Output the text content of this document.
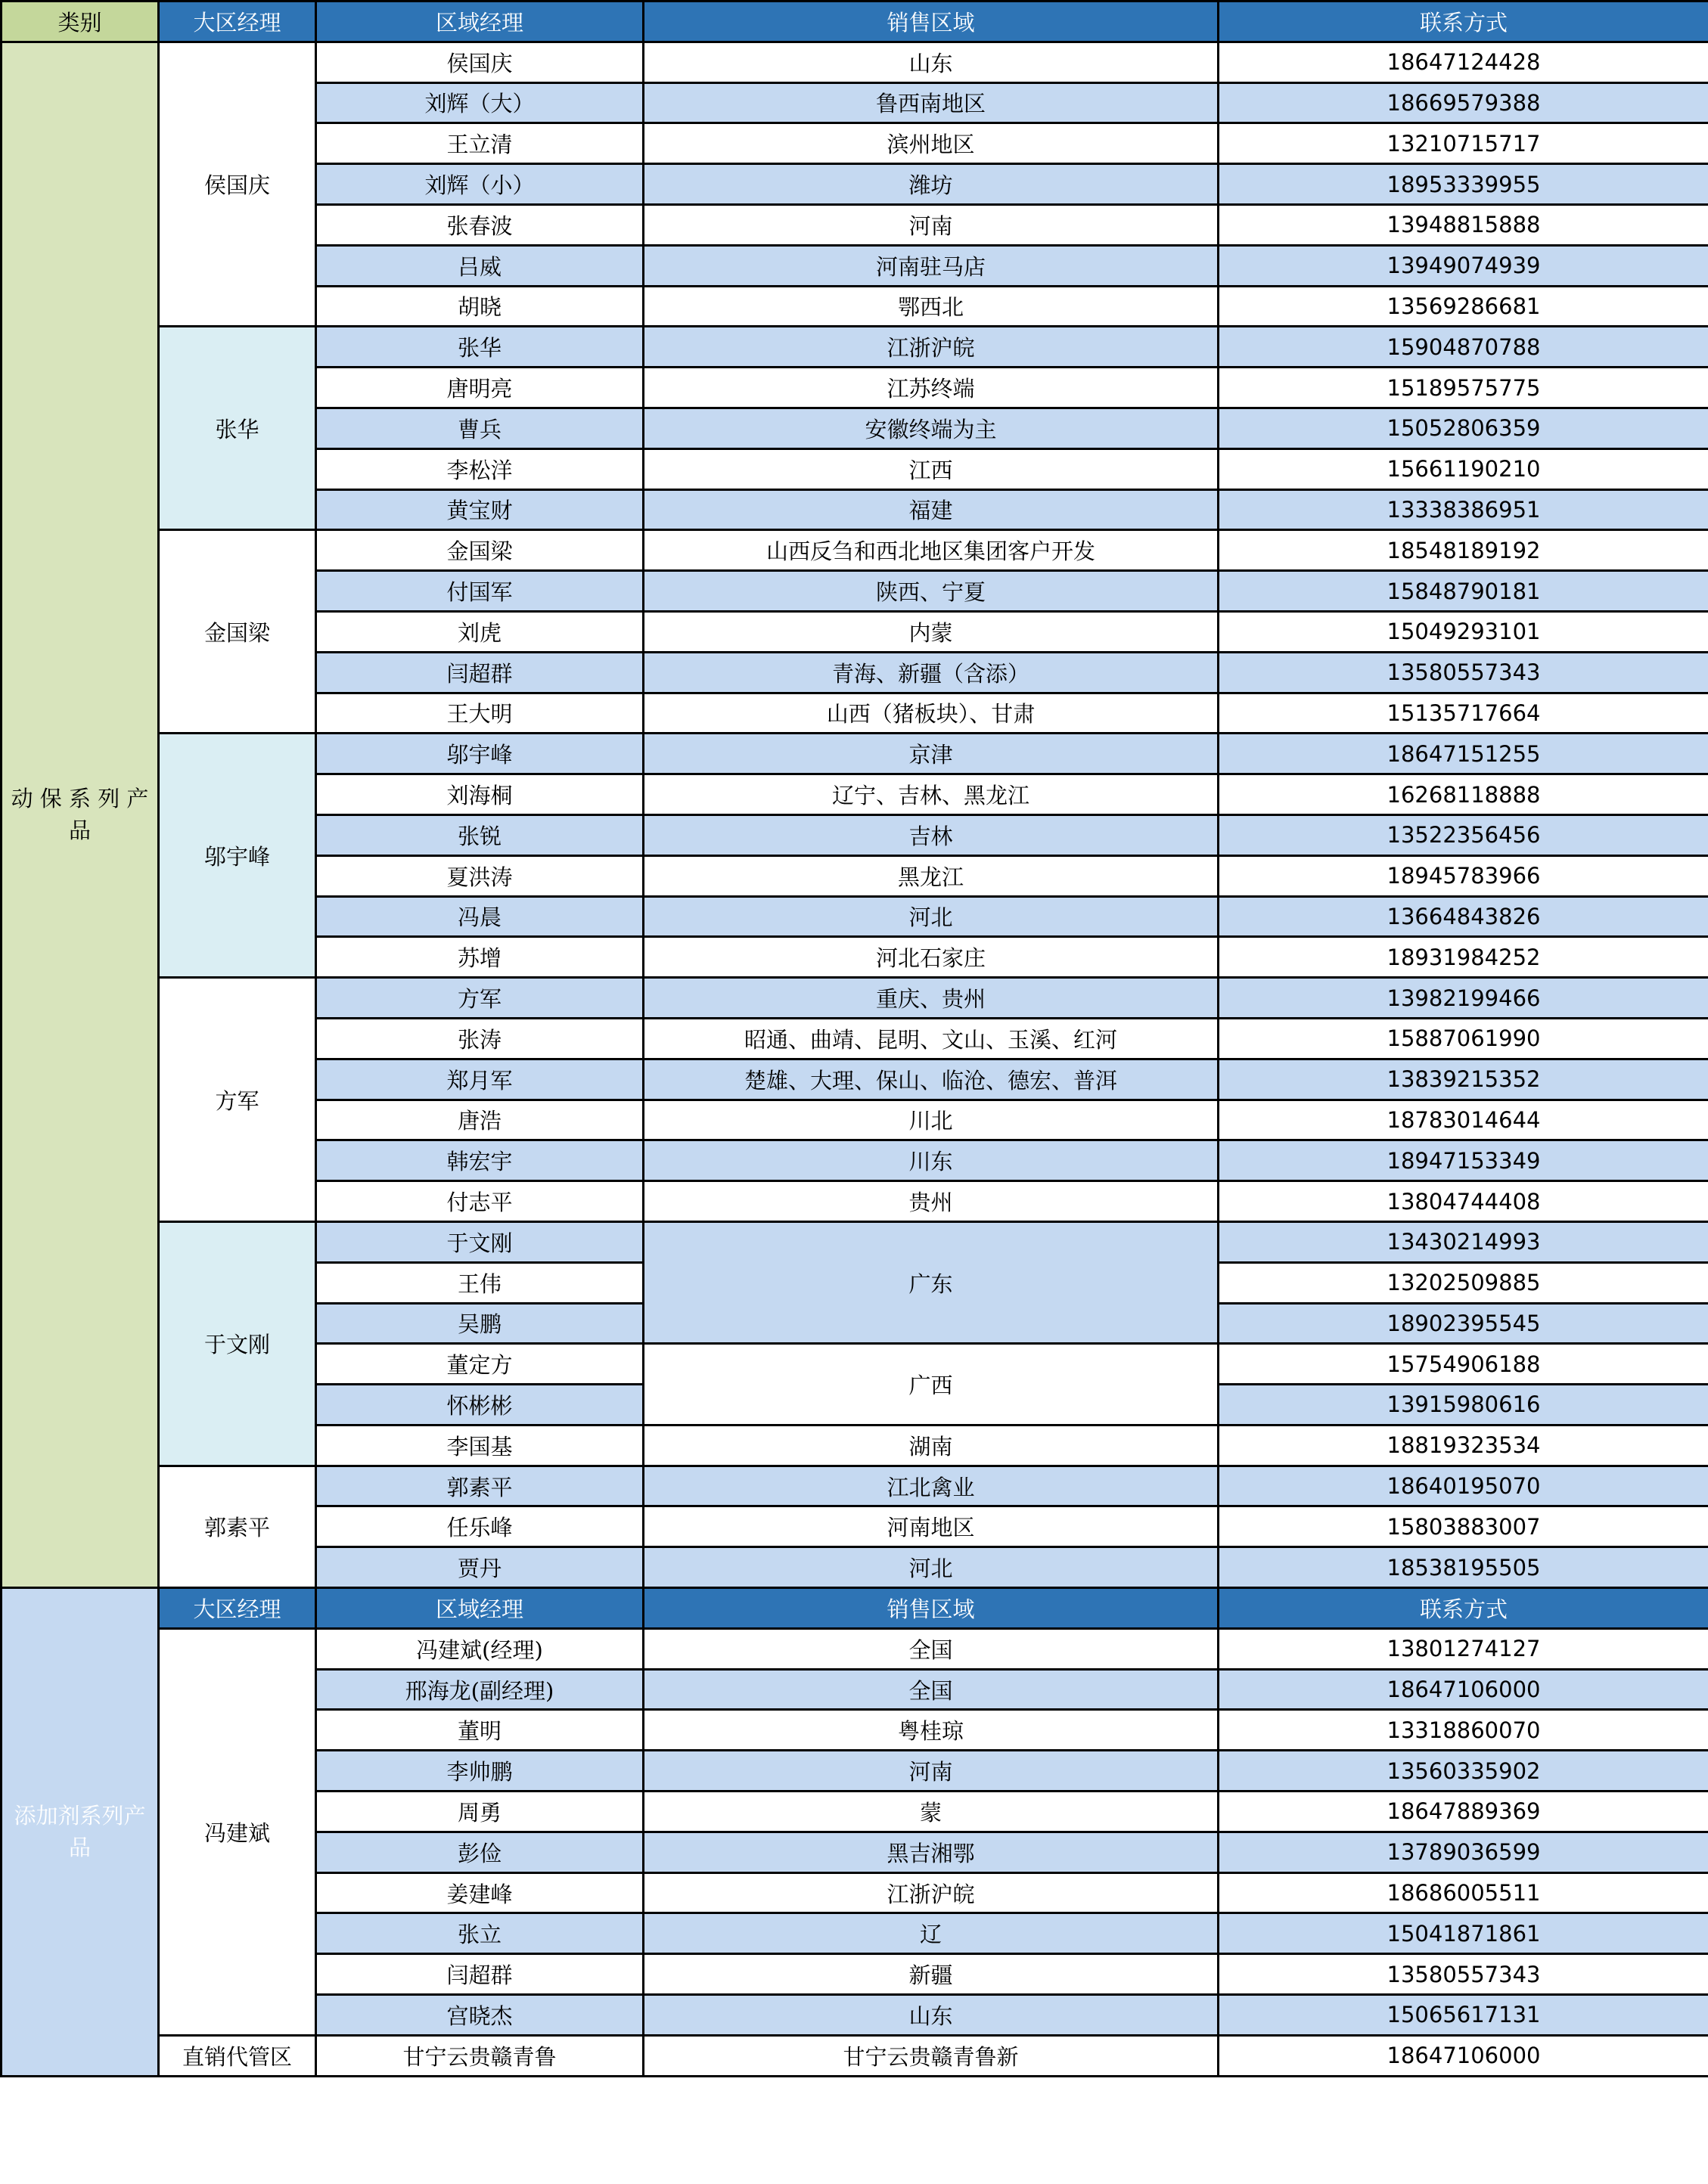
类别	大区经理	区域经理	销售区域	联系方式
动 保 系 列 产 品	侯国庆	侯国庆	山东	18647124428
		刘辉（大）	鲁西南地区	18669579388
		王立清	滨州地区	13210715717
		刘辉（小）	潍坊	18953339955
		张春波	河南	13948815888
		吕威	河南驻马店	13949074939
		胡晓	鄂西北	13569286681
	张华	张华	江浙沪皖	15904870788
		唐明亮	江苏终端	15189575775
		曹兵	安徽终端为主	15052806359
		李松洋	江西	15661190210
		黄宝财	福建	13338386951
	金国梁	金国梁	山西反刍和西北地区集团客户开发	18548189192
		付国军	陕西、宁夏	15848790181
		刘虎	内蒙	15049293101
		闫超群	青海、新疆（含添）	13580557343
		王大明	山西（猪板块）、甘肃	15135717664
	邬宇峰	邬宇峰	京津	18647151255
		刘海桐	辽宁、吉林、黑龙江	16268118888
		张锐	吉林	13522356456
		夏洪涛	黑龙江	18945783966
		冯晨	河北	13664843826
		苏增	河北石家庄	18931984252
	方军	方军	重庆、贵州	13982199466
		张涛	昭通、曲靖、昆明、文山、玉溪、红河	15887061990
		郑月军	楚雄、大理、保山、临沧、德宏、普洱	13839215352
		唐浩	川北	18783014644
		韩宏宇	川东	18947153349
		付志平	贵州	13804744408
	于文刚	于文刚	广东	13430214993
		王伟		13202509885
		吴鹏		18902395545
		董定方	广西	15754906188
		怀彬彬		13915980616
		李国基	湖南	18819323534
	郭素平	郭素平	江北禽业	18640195070
		任乐峰	河南地区	15803883007
		贾丹	河北	18538195505
添加剂系列产品	大区经理	区域经理	销售区域	联系方式
	冯建斌	冯建斌(经理)	全国	13801274127
		邢海龙(副经理)	全国	18647106000
		董明	粤桂琼	13318860070
		李帅鹏	河南	13560335902
		周勇	蒙	18647889369
		彭俭	黑吉湘鄂	13789036599
		姜建峰	江浙沪皖	18686005511
		张立	辽	15041871861
		闫超群	新疆	13580557343
		宫晓杰	山东	15065617131
	直销代管区	甘宁云贵赣青鲁	甘宁云贵赣青鲁新	18647106000
